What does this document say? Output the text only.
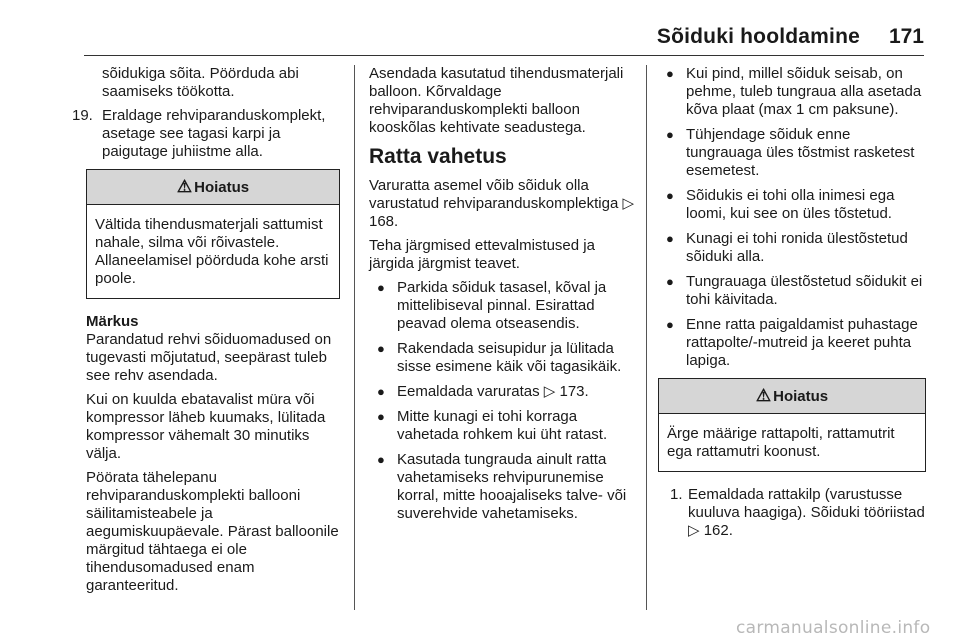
Sõiduki hooldamine	171

sõidukiga sõita. Pöörduda abi saamiseks töökotta.

19. Eraldage rehviparanduskomplekt, asetage see tagasi karpi ja paigutage juhiistme alla.
⚠ Hoiatus
Vältida tihendusmaterjali sattumist nahale, silma või rõivastele. Allaneelamisel pöörduda kohe arsti poole.

Märkus

Parandatud rehvi sõiduomadused on tugevasti mõjutatud, seepärast tuleb see rehv asendada.

Kui on kuulda ebatavalist müra või kompressor läheb kuumaks, lülitada kompressor vähemalt 30 minutiks välja.

Pöörata tähelepanu rehviparanduskomplekti ballooni säilitamisteabele ja aegumiskuupäevale. Pärast balloonile märgitud tähtaega ei ole tihendusomadused enam garanteeritud.

Asendada kasutatud tihendusmaterjali balloon. Kõrvaldage rehviparanduskomplekti balloon kooskõlas kehtivate seadustega.

Ratta vahetus

Varuratta asemel võib sõiduk olla varustatud rehviparanduskomplektiga ▷ 168.

Teha järgmised ettevalmistused ja järgida järgmist teavet.

● Parkida sõiduk tasasel, kõval ja mittelibiseval pinnal. Esirattad peavad olema otseasendis.
● Rakendada seisupidur ja lülitada sisse esimene käik või tagasikäik.
● Eemaldada varuratas ▷ 173.
● Mitte kunagi ei tohi korraga vahetada rohkem kui üht ratast.
● Kasutada tungrauda ainult ratta vahetamiseks rehvipurunemise korral, mitte hooajaliseks talve- või suverehvide vahetamiseks.
● Kui pind, millel sõiduk seisab, on pehme, tuleb tungraua alla asetada kõva plaat (max 1 cm paksune).
● Tühjendage sõiduk enne tungrauaga üles tõstmist rasketest esemetest.
● Sõidukis ei tohi olla inimesi ega loomi, kui see on üles tõstetud.
● Kunagi ei tohi ronida ülestõstetud sõiduki alla.
● Tungrauaga ülestõstetud sõidukit ei tohi käivitada.
● Enne ratta paigaldamist puhastage rattapolte/-mutreid ja keeret puhta lapiga.
⚠ Hoiatus
Ärge määrige rattapolti, rattamutrit ega rattamutri koonust.
1. Eemaldada rattakilp (varustusse kuuluva haagiga). Sõiduki tööriistad ▷ 162.
carmanualsonline.info
